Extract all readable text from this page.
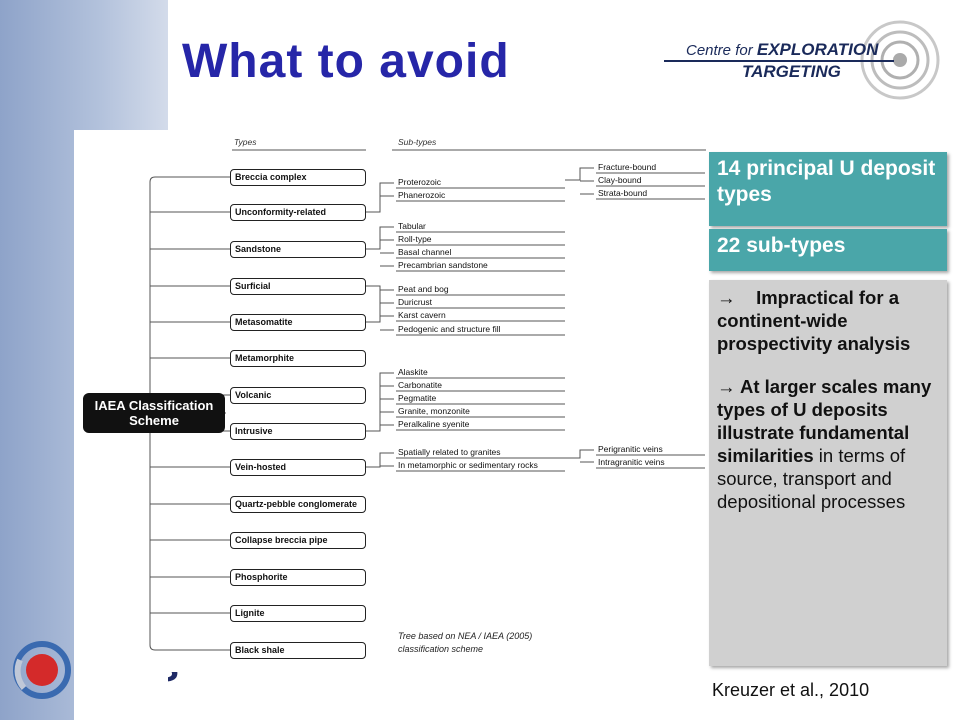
What to avoid	Centre for EXPLORATION
TARGETING
Types	Sub-types
IAEA Classification Scheme
Breccia complex
Unconformity-related
Sandstone
Surficial
Metasomatite
Metamorphite
Volcanic
Intrusive
Vein-hosted
Quartz-pebble conglomerate
Collapse breccia pipe
Phosphorite
Lignite
Black shale
Proterozoic
Phanerozoic
Fracture-bound
Clay-bound
Strata-bound
Tabular
Roll-type
Basal channel
Precambrian sandstone
Peat and bog
Duricrust
Karst cavern
Pedogenic and structure fill
Alaskite
Carbonatite
Pegmatite
Granite, monzonite
Peralkaline syenite
Spatially related to granites
In metamorphic or sedimentary rocks
Perigranitic veins
Intragranitic veins
Tree based on NEA / IAEA (2005)
classification scheme
14 principal U deposit types
22 sub-types

→ Impractical for a continent-wide prospectivity analysis

→ At larger scales many types of U deposits illustrate fundamental similarities in terms of source, transport and depositional processes

Kreuzer et al., 2010
